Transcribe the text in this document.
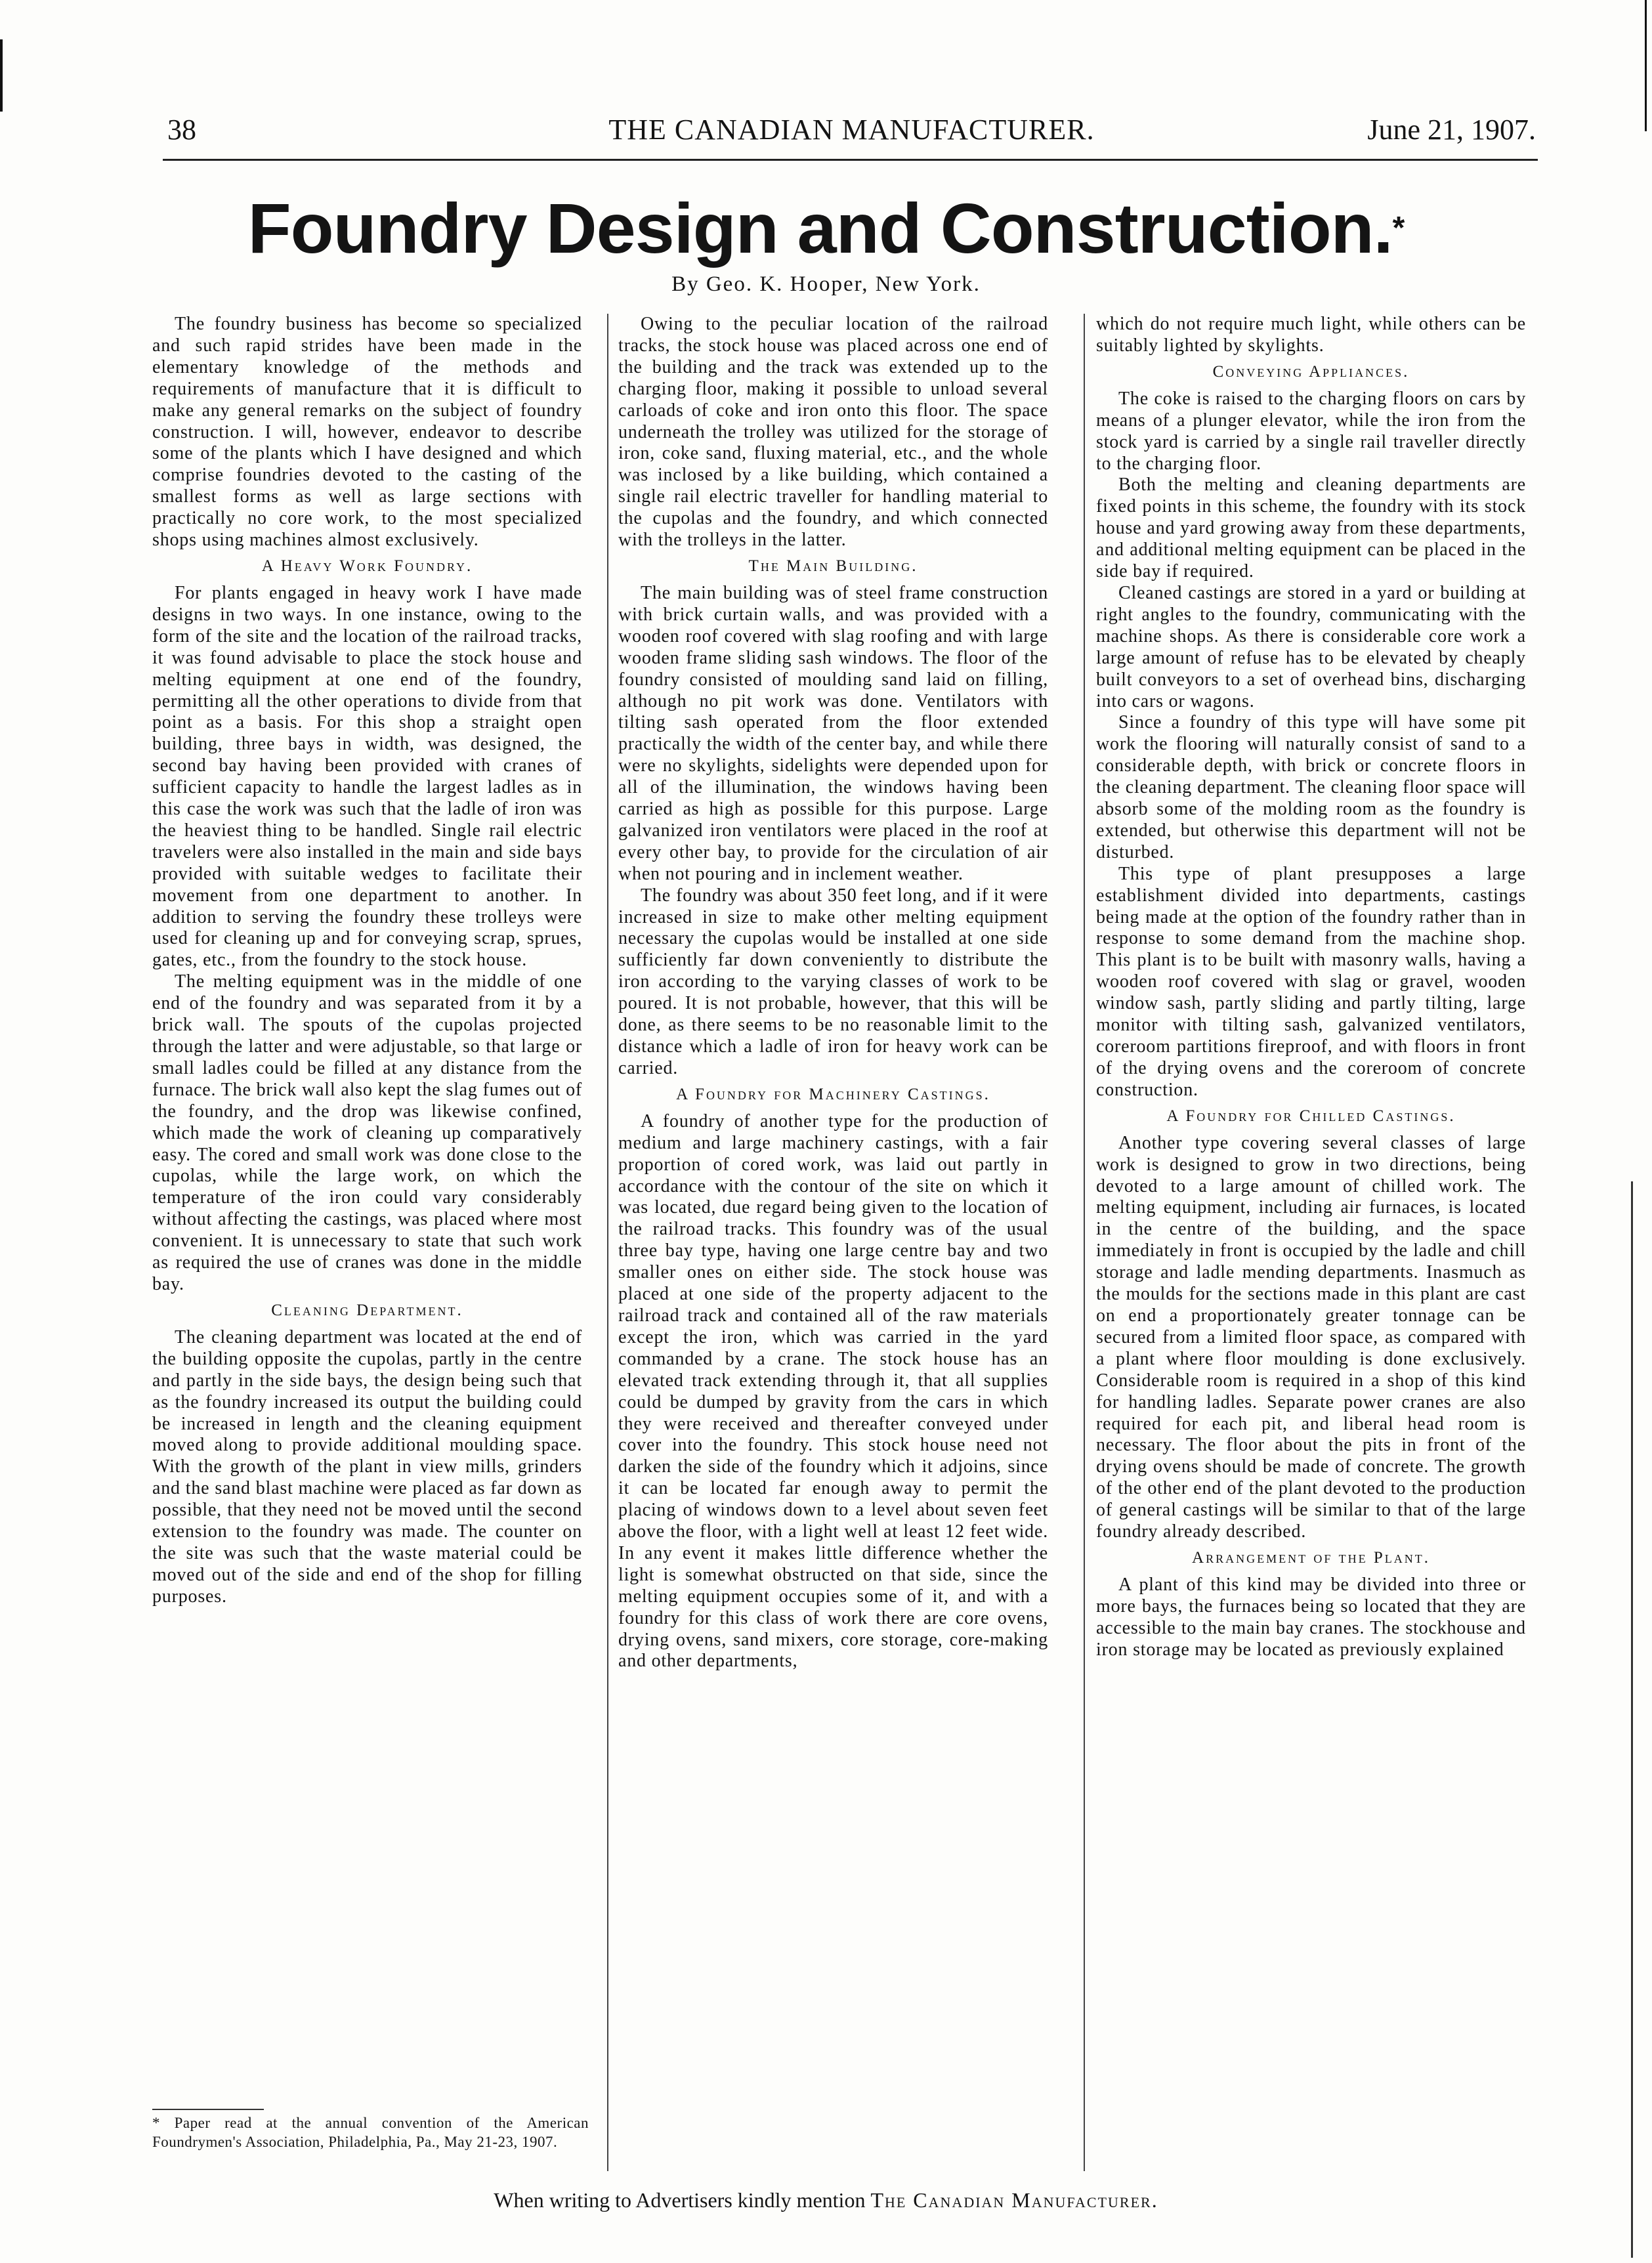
38	THE CANADIAN MANUFACTURER.	June 21, 1907.
Foundry Design and Construction.*
By Geo. K. Hooper, New York.

The foundry business has become so specialized and such rapid strides have been made in the elementary knowledge of the methods and requirements of manufacture that it is difficult to make any general remarks on the subject of foundry construction. I will, however, endeavor to describe some of the plants which I have designed and which comprise foundries devoted to the casting of the smallest forms as well as large sections with practically no core work, to the most specialized shops using machines almost exclusively.

A Heavy Work Foundry.

For plants engaged in heavy work I have made designs in two ways. In one instance, owing to the form of the site and the location of the railroad tracks, it was found advisable to place the stock house and melting equipment at one end of the foundry, permitting all the other operations to divide from that point as a basis. For this shop a straight open building, three bays in width, was designed, the second bay having been provided with cranes of sufficient capacity to handle the largest ladles as in this case the work was such that the ladle of iron was the heaviest thing to be handled. Single rail electric travelers were also installed in the main and side bays provided with suitable wedges to facilitate their movement from one department to another. In addition to serving the foundry these trolleys were used for cleaning up and for conveying scrap, sprues, gates, etc., from the foundry to the stock house.

The melting equipment was in the middle of one end of the foundry and was separated from it by a brick wall. The spouts of the cupolas projected through the latter and were adjustable, so that large or small ladles could be filled at any distance from the furnace. The brick wall also kept the slag fumes out of the foundry, and the drop was likewise confined, which made the work of cleaning up comparatively easy. The cored and small work was done close to the cupolas, while the large work, on which the temperature of the iron could vary considerably without affecting the castings, was placed where most convenient. It is unnecessary to state that such work as required the use of cranes was done in the middle bay.

Cleaning Department.

The cleaning department was located at the end of the building opposite the cupolas, partly in the centre and partly in the side bays, the design being such that as the foundry increased its output the building could be increased in length and the cleaning equipment moved along to provide additional moulding space. With the growth of the plant in view mills, grinders and the sand blast machine were placed as far down as possible, that they need not be moved until the second extension to the foundry was made. The counter on the site was such that the waste material could be moved out of the side and end of the shop for filling purposes.

Owing to the peculiar location of the railroad tracks, the stock house was placed across one end of the building and the track was extended up to the charging floor, making it possible to unload several carloads of coke and iron onto this floor. The space underneath the trolley was utilized for the storage of iron, coke sand, fluxing material, etc., and the whole was inclosed by a like building, which contained a single rail electric traveller for handling material to the cupolas and the foundry, and which connected with the trolleys in the latter.

The Main Building.

The main building was of steel frame construction with brick curtain walls, and was provided with a wooden roof covered with slag roofing and with large wooden frame sliding sash windows. The floor of the foundry consisted of moulding sand laid on filling, although no pit work was done. Ventilators with tilting sash operated from the floor extended practically the width of the center bay, and while there were no skylights, sidelights were depended upon for all of the illumination, the windows having been carried as high as possible for this purpose. Large galvanized iron ventilators were placed in the roof at every other bay, to provide for the circulation of air when not pouring and in inclement weather.

The foundry was about 350 feet long, and if it were increased in size to make other melting equipment necessary the cupolas would be installed at one side sufficiently far down conveniently to distribute the iron according to the varying classes of work to be poured. It is not probable, however, that this will be done, as there seems to be no reasonable limit to the distance which a ladle of iron for heavy work can be carried.

A Foundry for Machinery Castings.

A foundry of another type for the production of medium and large machinery castings, with a fair proportion of cored work, was laid out partly in accordance with the contour of the site on which it was located, due regard being given to the location of the railroad tracks. This foundry was of the usual three bay type, having one large centre bay and two smaller ones on either side. The stock house was placed at one side of the property adjacent to the railroad track and contained all of the raw materials except the iron, which was carried in the yard commanded by a crane. The stock house has an elevated track extending through it, that all supplies could be dumped by gravity from the cars in which they were received and thereafter conveyed under cover into the foundry. This stock house need not darken the side of the foundry which it adjoins, since it can be located far enough away to permit the placing of windows down to a level about seven feet above the floor, with a light well at least 12 feet wide. In any event it makes little difference whether the light is somewhat obstructed on that side, since the melting equipment occupies some of it, and with a foundry for this class of work there are core ovens, drying ovens, sand mixers, core storage, core-making and other departments,

which do not require much light, while others can be suitably lighted by skylights.

Conveying Appliances.

The coke is raised to the charging floors on cars by means of a plunger elevator, while the iron from the stock yard is carried by a single rail traveller directly to the charging floor.

Both the melting and cleaning departments are fixed points in this scheme, the foundry with its stock house and yard growing away from these departments, and additional melting equipment can be placed in the side bay if required.

Cleaned castings are stored in a yard or building at right angles to the foundry, communicating with the machine shops. As there is considerable core work a large amount of refuse has to be elevated by cheaply built conveyors to a set of overhead bins, discharging into cars or wagons.

Since a foundry of this type will have some pit work the flooring will naturally consist of sand to a considerable depth, with brick or concrete floors in the cleaning department. The cleaning floor space will absorb some of the molding room as the foundry is extended, but otherwise this department will not be disturbed.

This type of plant presupposes a large establishment divided into departments, castings being made at the option of the foundry rather than in response to some demand from the machine shop. This plant is to be built with masonry walls, having a wooden roof covered with slag or gravel, wooden window sash, partly sliding and partly tilting, large monitor with tilting sash, galvanized ventilators, coreroom partitions fireproof, and with floors in front of the drying ovens and the coreroom of concrete construction.

A Foundry for Chilled Castings.

Another type covering several classes of large work is designed to grow in two directions, being devoted to a large amount of chilled work. The melting equipment, including air furnaces, is located in the centre of the building, and the space immediately in front is occupied by the ladle and chill storage and ladle mending departments. Inasmuch as the moulds for the sections made in this plant are cast on end a proportionately greater tonnage can be secured from a limited floor space, as compared with a plant where floor moulding is done exclusively. Considerable room is required in a shop of this kind for handling ladles. Separate power cranes are also required for each pit, and liberal head room is necessary. The floor about the pits in front of the drying ovens should be made of concrete. The growth of the other end of the plant devoted to the production of general castings will be similar to that of the large foundry already described.

Arrangement of the Plant.

A plant of this kind may be divided into three or more bays, the furnaces being so located that they are accessible to the main bay cranes. The stockhouse and iron storage may be located as previously explained

* Paper read at the annual convention of the American Foundrymen's Association, Philadelphia, Pa., May 21-23, 1907.
When writing to Advertisers kindly mention The Canadian Manufacturer.
